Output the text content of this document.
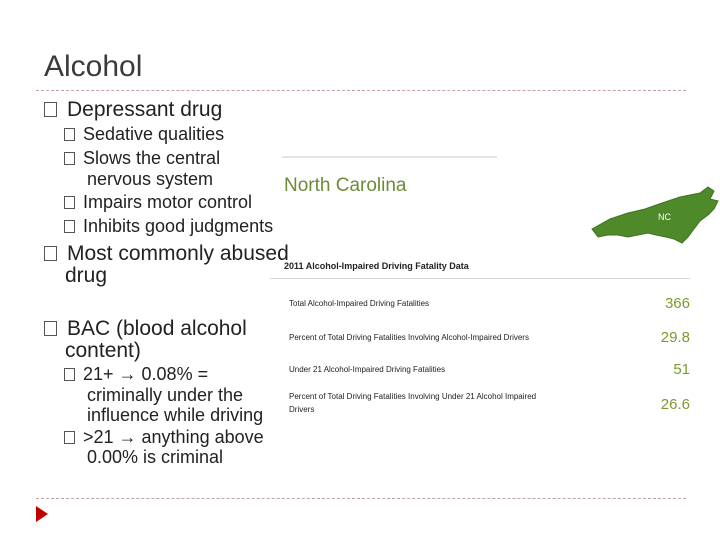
Alcohol
North Carolina
NC
2011 Alcohol-Impaired Driving Fatality Data
Total Alcohol-Impaired Driving Fatalities	366
Percent of Total Driving Fatalities Involving Alcohol-Impaired Drivers	29.8
Under 21 Alcohol-Impaired Driving Fatalities	51
Percent of Total Driving Fatalities Involving Under 21 Alcohol Impaired
Drivers	26.6
Depressant drug
Sedative qualities
Slows the central
nervous system
Impairs motor control
Inhibits good judgments
Most commonly abused
drug
BAC (blood alcohol
content)
21+ → 0.08% =
criminally under the
influence while driving
>21 → anything above
0.00% is criminal
